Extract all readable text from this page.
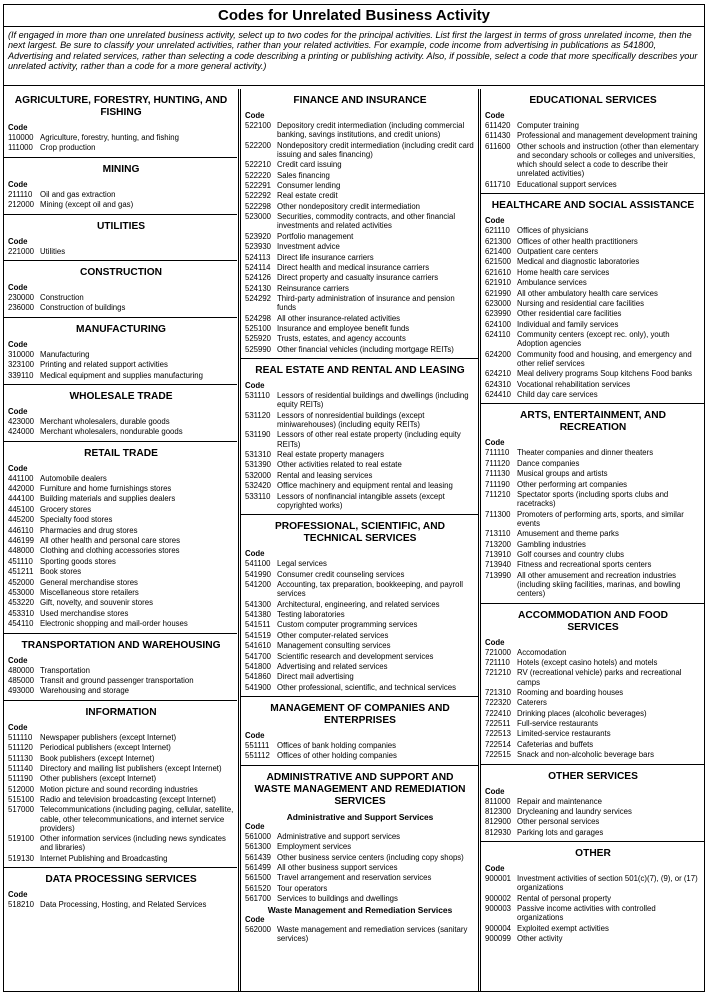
Codes for Unrelated Business Activity
(If engaged in more than one unrelated business activity, select up to two codes for the principal activities. List first the largest in terms of gross unrelated income, then the next largest. Be sure to classify your unrelated activities, rather than your related activities. For example, code income from advertising in publications as 541800, Advertising and related services, rather than selecting a code describing a printing or publishing activity. Also, if possible, select a code that more specifically describes your unrelated activity, rather than a code for a more general activity.)
AGRICULTURE, FORESTRY, HUNTING, AND FISHING
Code
110000 Agriculture, forestry, hunting, and fishing
111000 Crop production
MINING
Code
211110 Oil and gas extraction
212000 Mining (except oil and gas)
UTILITIES
Code
221000 Utilities
CONSTRUCTION
Code
230000 Construction
236000 Construction of buildings
MANUFACTURING
Code
310000 Manufacturing
323100 Printing and related support activities
339110 Medical equipment and supplies manufacturing
WHOLESALE TRADE
Code
423000 Merchant wholesalers, durable goods
424000 Merchant wholesalers, nondurable goods
RETAIL TRADE
Code
441100 Automobile dealers
442000 Furniture and home furnishings stores
444100 Building materials and supplies dealers
445100 Grocery stores
445200 Specialty food stores
446110 Pharmacies and drug stores
446199 All other health and personal care stores
448000 Clothing and clothing accessories stores
451110 Sporting goods stores
451211 Book stores
452000 General merchandise stores
453000 Miscellaneous store retailers
453220 Gift, novelty, and souvenir stores
453310 Used merchandise stores
454110 Electronic shopping and mail-order houses
TRANSPORTATION AND WAREHOUSING
Code
480000 Transportation
485000 Transit and ground passenger transportation
493000 Warehousing and storage
INFORMATION
Code
511110 Newspaper publishers (except Internet)
511120 Periodical publishers (except Internet)
511130 Book publishers (except Internet)
511140 Directory and mailing list publishers (except Internet)
511190 Other publishers (except Internet)
512000 Motion picture and sound recording industries
515100 Radio and television broadcasting (except Internet)
517000 Telecommunications (including paging, cellular, satellite, cable, other telecommunications, and internet service providers)
519100 Other information services (including news syndicates and libraries)
519130 Internet Publishing and Broadcasting
DATA PROCESSING SERVICES
Code
518210 Data Processing, Hosting, and Related Services
FINANCE AND INSURANCE
Code
522100 Depository credit intermediation (including commercial banking, savings institutions, and credit unions)
522200 Nondepository credit intermediation (including credit card issuing and sales financing)
522210 Credit card issuing
522220 Sales financing
522291 Consumer lending
522292 Real estate credit
522298 Other nondepository credit intermediation
523000 Securities, commodity contracts, and other financial investments and related activities
523920 Portfolio management
523930 Investment advice
524113 Direct life insurance carriers
524114 Direct health and medical insurance carriers
524126 Direct property and casualty insurance carriers
524130 Reinsurance carriers
524292 Third-party administration of insurance and pension funds
524298 All other insurance-related activities
525100 Insurance and employee benefit funds
525920 Trusts, estates, and agency accounts
525990 Other financial vehicles (including mortgage REITs)
REAL ESTATE AND RENTAL AND LEASING
Code
531110 Lessors of residential buildings and dwellings (including equity REITs)
531120 Lessors of nonresidential buildings (except miniwarehouses) (including equity REITs)
531190 Lessors of other real estate property (including equity REITs)
531310 Real estate property managers
531390 Other activities related to real estate
532000 Rental and leasing services
532420 Office machinery and equipment rental and leasing
533110 Lessors of nonfinancial intangible assets (except copyrighted works)
PROFESSIONAL, SCIENTIFIC, AND TECHNICAL SERVICES
Code
541100 Legal services
541990 Consumer credit counseling services
541200 Accounting, tax preparation, bookkeeping, and payroll services
541300 Architectural, engineering, and related services
541380 Testing laboratories
541511 Custom computer programming services
541519 Other computer-related services
541610 Management consulting services
541700 Scientific research and development services
541800 Advertising and related services
541860 Direct mail advertising
541900 Other professional, scientific, and technical services
MANAGEMENT OF COMPANIES AND ENTERPRISES
Code
551111 Offices of bank holding companies
551112 Offices of other holding companies
ADMINISTRATIVE AND SUPPORT AND WASTE MANAGEMENT AND REMEDIATION SERVICES
Administrative and Support Services
Code
561000 Administrative and support services
561300 Employment services
561439 Other business service centers (including copy shops)
561499 All other business support services
561500 Travel arrangement and reservation services
561520 Tour operators
561700 Services to buildings and dwellings
Waste Management and Remediation Services
Code
562000 Waste management and remediation services (sanitary services)
EDUCATIONAL SERVICES
Code
611420 Computer training
611430 Professional and management development training
611600 Other schools and instruction (other than elementary and secondary schools or colleges and universities, which should select a code to describe their unrelated activities)
611710 Educational support services
HEALTHCARE AND SOCIAL ASSISTANCE
Code
621110 Offices of physicians
621300 Offices of other health practitioners
621400 Outpatient care centers
621500 Medical and diagnostic laboratories
621610 Home health care services
621910 Ambulance services
621990 All other ambulatory health care services
623000 Nursing and residential care facilities
623990 Other residential care facilities
624100 Individual and family services
624110 Community centers (except rec. only), youth Adoption agencies
624200 Community food and housing, and emergency and other relief services
624210 Meal delivery programs Soup kitchens Food banks
624310 Vocational rehabilitation services
624410 Child day care services
ARTS, ENTERTAINMENT, AND RECREATION
Code
711110 Theater companies and dinner theaters
711120 Dance companies
711130 Musical groups and artists
711190 Other performing art companies
711210 Spectator sports (including sports clubs and racetracks)
711300 Promoters of performing arts, sports, and similar events
713110 Amusement and theme parks
713200 Gambling industries
713910 Golf courses and country clubs
713940 Fitness and recreational sports centers
713990 All other amusement and recreation industries (including skiing facilities, marinas, and bowling centers)
ACCOMMODATION AND FOOD SERVICES
Code
721000 Accomodation
721110 Hotels (except casino hotels) and motels
721210 RV (recreational vehicle) parks and recreational camps
721310 Rooming and boarding houses
722320 Caterers
722410 Drinking places (alcoholic beverages)
722511 Full-service restaurants
722513 Limited-service restaurants
722514 Cafeterias and buffets
722515 Snack and non-alcoholic beverage bars
OTHER SERVICES
Code
811000 Repair and maintenance
812300 Drycleaning and laundry services
812900 Other personal services
812930 Parking lots and garages
OTHER
Code
900001 Investment activities of section 501(c)(7), (9), or (17) organizations
900002 Rental of personal property
900003 Passive income activities with controlled organizations
900004 Exploited exempt activities
900099 Other activity
